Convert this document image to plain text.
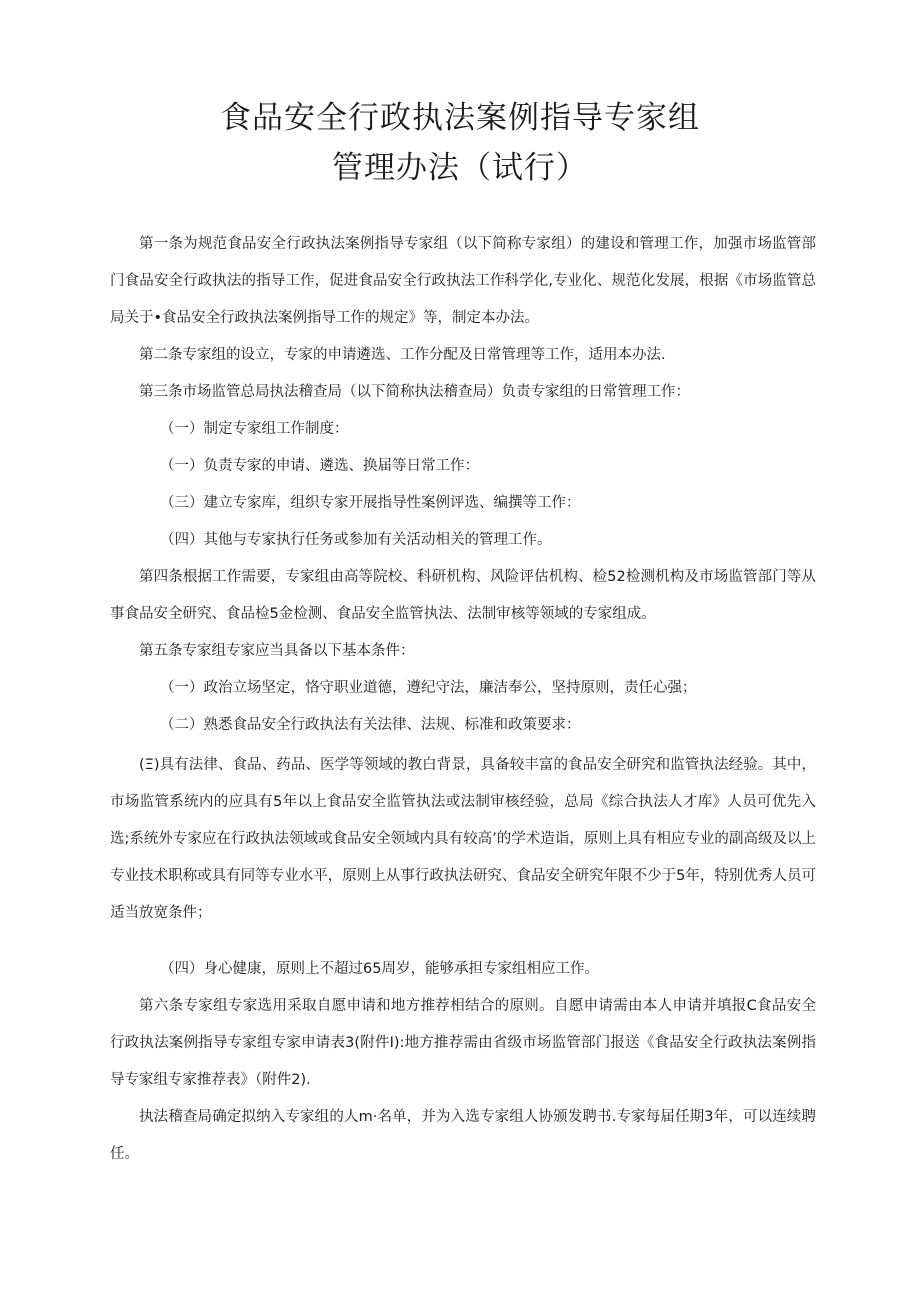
食品安全行政执法案例指导专家组
管理办法（试行）

第一条为规范食品安全行政执法案例指导专家组（以下简称专家组）的建设和管理工作，加强市场监管部门食品安全行政执法的指导工作，促进食品安全行政执法工作科学化,专业化、规范化发展，根据《市场监管总局关于•食品安全行政执法案例指导工作的规定》等，制定本办法。

第二条专家组的设立，专家的申请遴选、工作分配及日常管理等工作，适用本办法.

第三条市场监管总局执法稽查局（以下简称执法稽查局）负责专家组的日常管理工作：

（一）制定专家组工作制度：

（一）负责专家的申请、遴选、换届等日常工作：

（三）建立专家库，组织专家开展指导性案例评选、编撰等工作：

（四）其他与专家执行任务或参加有关活动相关的管理工作。

第四条根据工作需要，专家组由高等院校、科研机构、风险评估机构、检52检测机构及市场监管部门等从事食品安全研究、食品检5金检测、食品安全监管执法、法制审核等领域的专家组成。

第五条专家组专家应当具备以下基本条件：

（一）政治立场坚定，恪守职业道德，遵纪守法，廉洁奉公，坚持原则，责任心强；

（二）熟悉食品安全行政执法有关法律、法规、标准和政策要求：

(Ξ)具有法律、食品、药品、医学等领域的教白背景，具备较丰富的食品安全研究和监管执法经验。其中，市场监管系统内的应具有5年以上食品安全监管执法或法制审核经验，总局《综合执法人才库》人员可优先入选;系统外专家应在行政执法领域或食品安全领域内具有较高’的学术造诣，原则上具有相应专业的副高级及以上专业技术职称或具有同等专业水平，原则上从事行政执法研究、食品安全研究年限不少于5年，特别优秀人员可适当放宽条件；

（四）身心健康，原则上不超过65周岁，能够承担专家组相应工作。

第六条专家组专家选用采取自愿申请和地方推荐相结合的原则。自愿申请需由本人申请并填报C食品安全行政执法案例指导专家组专家申请表3(附件I):地方推荐需由省级市场监管部门报送《食品安全行政执法案例指导专家组专家推荐表》（附件2)．

执法稽查局确定拟纳入专家组的人m·名单，并为入选专家组人协颁发聘书.专家每届任期3年，可以连续聘任。
